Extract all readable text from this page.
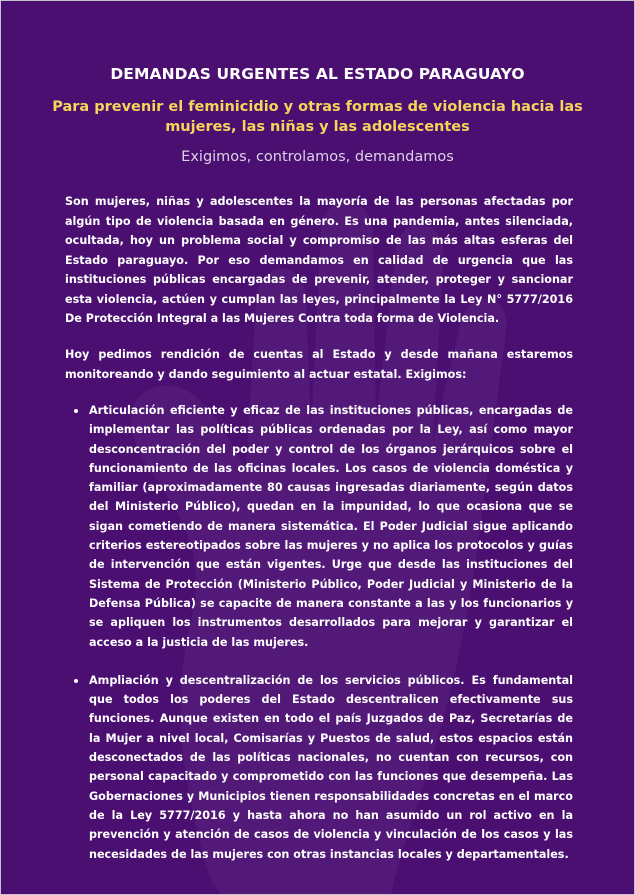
DEMANDAS URGENTES AL ESTADO PARAGUAYO

Para prevenir el feminicidio y otras formas de violencia hacia las mujeres, las niñas y las adolescentes

Exigimos, controlamos, demandamos

Son mujeres, niñas y adolescentes la mayoría de las personas afectadas por algún tipo de violencia basada en género. Es una pandemia, antes silenciada, ocultada, hoy un problema social y compromiso de las más altas esferas del Estado paraguayo. Por eso demandamos en calidad de urgencia que las instituciones públicas encargadas de prevenir, atender, proteger y sancionar esta violencia, actúen y cumplan las leyes, principalmente la Ley N° 5777/2016 De Protección Integral a las Mujeres Contra toda forma de Violencia.

Hoy pedimos rendición de cuentas al Estado y desde mañana estaremos monitoreando y dando seguimiento al actuar estatal. Exigimos:

Articulación eficiente y eficaz de las instituciones públicas, encargadas de implementar las políticas públicas ordenadas por la Ley, así como mayor desconcentración del poder y control de los órganos jerárquicos sobre el funcionamiento de las oficinas locales. Los casos de violencia doméstica y familiar (aproximadamente 80 causas ingresadas diariamente, según datos del Ministerio Público), quedan en la impunidad, lo que ocasiona que se sigan cometiendo de manera sistemática. El Poder Judicial sigue aplicando criterios estereotipados sobre las mujeres y no aplica los protocolos y guías de intervención que están vigentes. Urge que desde las instituciones del Sistema de Protección (Ministerio Público, Poder Judicial y Ministerio de la Defensa Pública) se capacite de manera constante a las y los funcionarios y se apliquen los instrumentos desarrollados para mejorar y garantizar el acceso a la justicia de las mujeres.
Ampliación y descentralización de los servicios públicos. Es fundamental que todos los poderes del Estado descentralicen efectivamente sus funciones. Aunque existen en todo el país Juzgados de Paz, Secretarías de la Mujer a nivel local, Comisarías y Puestos de salud, estos espacios están desconectados de las políticas nacionales, no cuentan con recursos, con personal capacitado y comprometido con las funciones que desempeña. Las Gobernaciones y Municipios tienen responsabilidades concretas en el marco de la Ley 5777/2016 y hasta ahora no han asumido un rol activo en la prevención y atención de casos de violencia y vinculación de los casos y las necesidades de las mujeres con otras instancias locales y departamentales.
